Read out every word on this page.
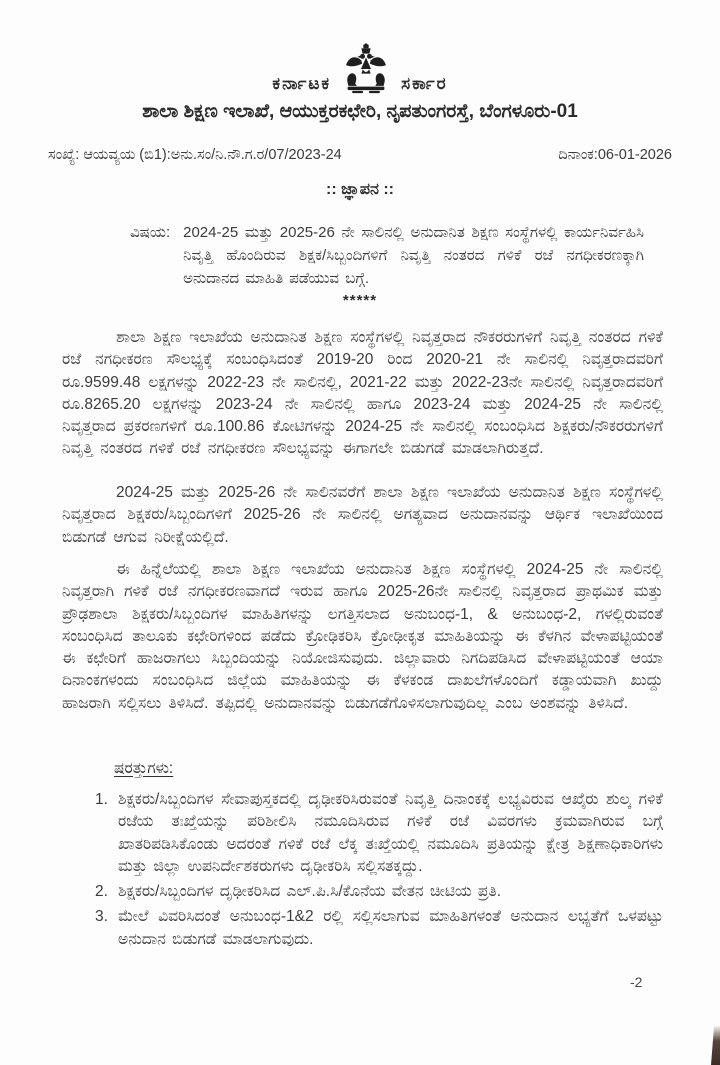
ಕರ್ನಾಟಕ	ಸರ್ಕಾರ
ಶಾಲಾ ಶಿಕ್ಷಣ ಇಲಾಖೆ, ಆಯುಕ್ತರಕಛೇರಿ, ನೃಪತುಂಗರಸ್ತೆ, ಬೆಂಗಳೂರು-01
ಸಂಖ್ಯೆ: ಆಯವ್ಯಯ (ಬಿ1):ಅನು.ಸಂ/ನಿ.ನೌ.ಗ.ರ/07/2023-24	ದಿನಾಂಕ:06-01-2026
:: ಜ್ಞಾಪನ ::
ವಿಷಯ: 2024-25 ಮತ್ತು 2025-26 ನೇ ಸಾಲಿನಲ್ಲಿ ಅನುದಾನಿತ ಶಿಕ್ಷಣ ಸಂಸ್ಥೆಗಳಲ್ಲಿ ಕಾರ್ಯನಿರ್ವಹಿಸಿ ನಿವೃತ್ತಿ ಹೊಂದಿರುವ ಶಿಕ್ಷಕ/ಸಿಬ್ಬಂದಿಗಳಿಗೆ ನಿವೃತ್ತಿ ನಂತರದ ಗಳಿಕೆ ರಜೆ ನಗಧೀಕರಣಕ್ಕಾಗಿ ಅನುದಾನದ ಮಾಹಿತಿ ಪಡೆಯುವ ಬಗ್ಗೆ.
*****
ಶಾಲಾ ಶಿಕ್ಷಣ ಇಲಾಖೆಯ ಅನುದಾನಿತ ಶಿಕ್ಷಣ ಸಂಸ್ಥೆಗಳಲ್ಲಿ ನಿವೃತ್ತರಾದ ನೌಕರರುಗಳಿಗೆ ನಿವೃತ್ತಿ ನಂತರದ ಗಳಿಕೆ ರಜೆ ನಗಧೀಕರಣ ಸೌಲಭ್ಯಕ್ಕೆ ಸಂಬಂಧಿಸಿದಂತೆ 2019-20 ರಿಂದ 2020-21 ನೇ ಸಾಲಿನಲ್ಲಿ ನಿವೃತ್ತರಾದವರಿಗೆ ರೂ.9599.48 ಲಕ್ಷಗಳನ್ನು 2022-23 ನೇ ಸಾಲಿನಲ್ಲಿ, 2021-22 ಮತ್ತು 2022-23ನೇ ಸಾಲಿನಲ್ಲಿ ನಿವೃತ್ತರಾದವರಿಗೆ ರೂ.8265.20 ಲಕ್ಷಗಳನ್ನು 2023-24 ನೇ ಸಾಲಿನಲ್ಲಿ ಹಾಗೂ 2023-24 ಮತ್ತು 2024-25 ನೇ ಸಾಲಿನಲ್ಲಿ ನಿವೃತ್ತರಾದ ಪ್ರಕರಣಗಳಿಗೆ ರೂ.100.86 ಕೋಟಿಗಳನ್ನು 2024-25 ನೇ ಸಾಲಿನಲ್ಲಿ ಸಂಬಂಧಿಸಿದ ಶಿಕ್ಷಕರು/ನೌಕರರುಗಳಿಗೆ ನಿವೃತ್ತಿ ನಂತರದ ಗಳಿಕೆ ರಜೆ ನಗಧೀಕರಣ ಸೌಲಭ್ಯವನ್ನು ಈಗಾಗಲೇ ಬಿಡುಗಡೆ ಮಾಡಲಾಗಿರುತ್ತದೆ.
2024-25 ಮತ್ತು 2025-26 ನೇ ಸಾಲಿನವರೆಗೆ ಶಾಲಾ ಶಿಕ್ಷಣ ಇಲಾಖೆಯ ಅನುದಾನಿತ ಶಿಕ್ಷಣ ಸಂಸ್ಥೆಗಳಲ್ಲಿ ನಿವೃತ್ತರಾದ ಶಿಕ್ಷಕರು/ಸಿಬ್ಬಂದಿಗಳಿಗೆ 2025-26 ನೇ ಸಾಲಿನಲ್ಲಿ ಅಗತ್ಯವಾದ ಅನುದಾನವನ್ನು ಆರ್ಥಿಕ ಇಲಾಖೆಯಿಂದ ಬಿಡುಗಡೆ ಆಗುವ ನಿರೀಕ್ಷೆಯಲ್ಲಿದೆ.
ಈ ಹಿನ್ನೆಲೆಯಲ್ಲಿ ಶಾಲಾ ಶಿಕ್ಷಣ ಇಲಾಖೆಯ ಅನುದಾನಿತ ಶಿಕ್ಷಣ ಸಂಸ್ಥೆಗಳಲ್ಲಿ 2024-25 ನೇ ಸಾಲಿನಲ್ಲಿ ನಿವೃತ್ತರಾಗಿ ಗಳಿಕೆ ರಜೆ ನಗಧೀಕರಣವಾಗದೆ ಇರುವ ಹಾಗೂ 2025-26ನೇ ಸಾಲಿನಲ್ಲಿ ನಿವೃತ್ತರಾದ ಪ್ರಾಥಮಿಕ ಮತ್ತು ಪ್ರೌಢಶಾಲಾ ಶಿಕ್ಷಕರು/ಸಿಬ್ಬಂದಿಗಳ ಮಾಹಿತಿಗಳನ್ನು ಲಗತ್ತಿಸಲಾದ ಅನುಬಂಧ-1, & ಅನುಬಂಧ-2, ಗಳಲ್ಲಿರುವಂತೆ ಸಂಬಂಧಿಸಿದ ತಾಲೂಕು ಕಛೇರಿಗಳಿಂದ ಪಡೆದು ಕ್ರೋಢಿಕರಿಸಿ ಕ್ರೋಢೀಕೃತ ಮಾಹಿತಿಯನ್ನು ಈ ಕೆಳಗಿನ ವೇಳಾಪಟ್ಟಿಯಂತೆ ಈ ಕಛೇರಿಗೆ ಹಾಜರಾಗಲು ಸಿಬ್ಬಂದಿಯನ್ನು ನಿಯೋಜಿಸುವುದು. ಜಿಲ್ಲಾವಾರು ನಿಗದಿಪಡಿಸಿದ ವೇಳಾಪಟ್ಟಿಯಂತೆ ಆಯಾ ದಿನಾಂಕಗಳಂದು ಸಂಬಂಧಿಸಿದ ಜಿಲ್ಲೆಯ ಮಾಹಿತಿಯನ್ನು ಈ ಕೆಳಕಂಡ ದಾಖಲೆಗಳೊಂದಿಗೆ ಕಡ್ಡಾಯವಾಗಿ ಖುದ್ದು ಹಾಜರಾಗಿ ಸಲ್ಲಿಸಲು ತಿಳಿಸಿದೆ. ತಪ್ಪಿದಲ್ಲಿ ಅನುದಾನವನ್ನು ಬಿಡುಗಡೆಗೊಳಿಸಲಾಗುವುದಿಲ್ಲ ಎಂಬ ಅಂಶವನ್ನು ತಿಳಿಸಿದೆ.
ಷರತ್ತುಗಳು:
1. ಶಿಕ್ಷಕರು/ಸಿಬ್ಬಂದಿಗಳ ಸೇವಾಪುಸ್ತಕದಲ್ಲಿ ದೃಢೀಕರಿಸಿರುವಂತೆ ನಿವೃತ್ತಿ ದಿನಾಂಕಕ್ಕೆ ಲಭ್ಯವಿರುವ ಆಖೈರು ಶುಲ್ಕ ಗಳಿಕೆ ರಜೆಯ ತಃಖ್ತೆಯನ್ನು ಪರಿಶೀಲಿಸಿ ನಮೂದಿಸಿರುವ ಗಳಿಕೆ ರಜೆ ವಿವರಗಳು ಕ್ರಮವಾಗಿರುವ ಬಗ್ಗೆ ಖಾತರಿಪಡಿಸಿಕೊಂಡು ಅದರಂತೆ ಗಳಿಕೆ ರಜೆ ಲೆಕ್ಕ ತಃಖ್ತೆಯಲ್ಲಿ ನಮೂದಿಸಿ ಪ್ರತಿಯನ್ನು ಕ್ಷೇತ್ರ ಶಿಕ್ಷಣಾಧಿಕಾರಿಗಳು ಮತ್ತು ಜಿಲ್ಲಾ ಉಪನಿರ್ದೇಶಕರುಗಳು ದೃಢೀಕರಿಸಿ ಸಲ್ಲಿಸತಕ್ಕದ್ದು.
2. ಶಿಕ್ಷಕರು/ಸಿಬ್ಬಂದಿಗಳ ದೃಢೀಕರಿಸಿದ ಎಲ್.ಪಿ.ಸಿ/ಕೊನೆಯ ವೇತನ ಚೀಟಿಯ ಪ್ರತಿ.
3. ಮೇಲೆ ವಿವರಿಸಿದಂತೆ ಅನುಬಂಧ-1&2 ರಲ್ಲಿ ಸಲ್ಲಿಸಲಾಗುವ ಮಾಹಿತಿಗಳಂತೆ ಅನುದಾನ ಲಭ್ಯತೆಗೆ ಒಳಪಟ್ಟು ಅನುದಾನ ಬಿಡುಗಡೆ ಮಾಡಲಾಗುವುದು.
-2
